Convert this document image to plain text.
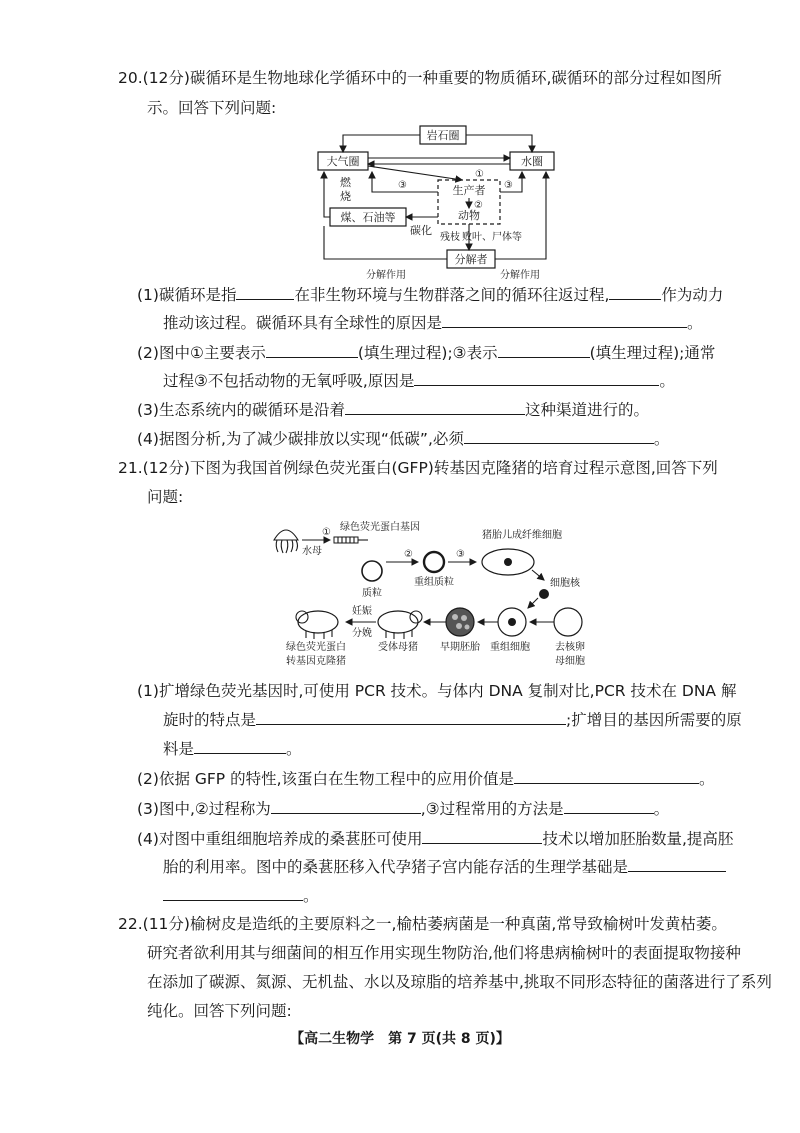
20.(12分)碳循环是生物地球化学循环中的一种重要的物质循环,碳循环的部分过程如图所
示。回答下列问题:
岩石圈
大气圈	水圈
生产者
动物
煤、石油等
分解者
①
②
③	③
燃
烧
碳化
残枝 败叶、尸体等
分解作用	分解作用
(1)碳循环是指	在非生物环境与生物群落之间的循环往返过程,	作为动力
推动该过程。碳循环具有全球性的原因是	。
(2)图中①主要表示	(填生理过程);③表示	(填生理过程);通常
过程③不包括动物的无氧呼吸,原因是	。
(3)生态系统内的碳循环是沿着	这种渠道进行的。
(4)据图分析,为了减少碳排放以实现“低碳”,必须	。
21.(12分)下图为我国首例绿色荧光蛋白(GFP)转基因克隆猪的培育过程示意图,回答下列
问题:
水母
① 绿色荧光蛋白基因
质粒
②
重组质粒
③
猪胎儿成纤维细胞
细胞核
去核卵
母细胞
重组细胞
早期胚胎
受体母猪
妊娠
分娩
绿色荧光蛋白
转基因克隆猪
(1)扩增绿色荧光基因时,可使用 PCR 技术。与体内 DNA 复制对比,PCR 技术在 DNA 解
旋时的特点是	;扩增目的基因所需要的原
料是	。
(2)依据 GFP 的特性,该蛋白在生物工程中的应用价值是	。
(3)图中,②过程称为	,③过程常用的方法是	。
(4)对图中重组细胞培养成的桑葚胚可使用	技术以增加胚胎数量,提高胚
胎的利用率。图中的桑葚胚移入代孕猪子宫内能存活的生理学基础是
。
22.(11分)榆树皮是造纸的主要原料之一,榆枯萎病菌是一种真菌,常导致榆树叶发黄枯萎。
研究者欲利用其与细菌间的相互作用实现生物防治,他们将患病榆树叶的表面提取物接种
在添加了碳源、氮源、无机盐、水以及琼脂的培养基中,挑取不同形态特征的菌落进行了系列
纯化。回答下列问题:
【高二生物学 第 7 页(共 8 页)】
